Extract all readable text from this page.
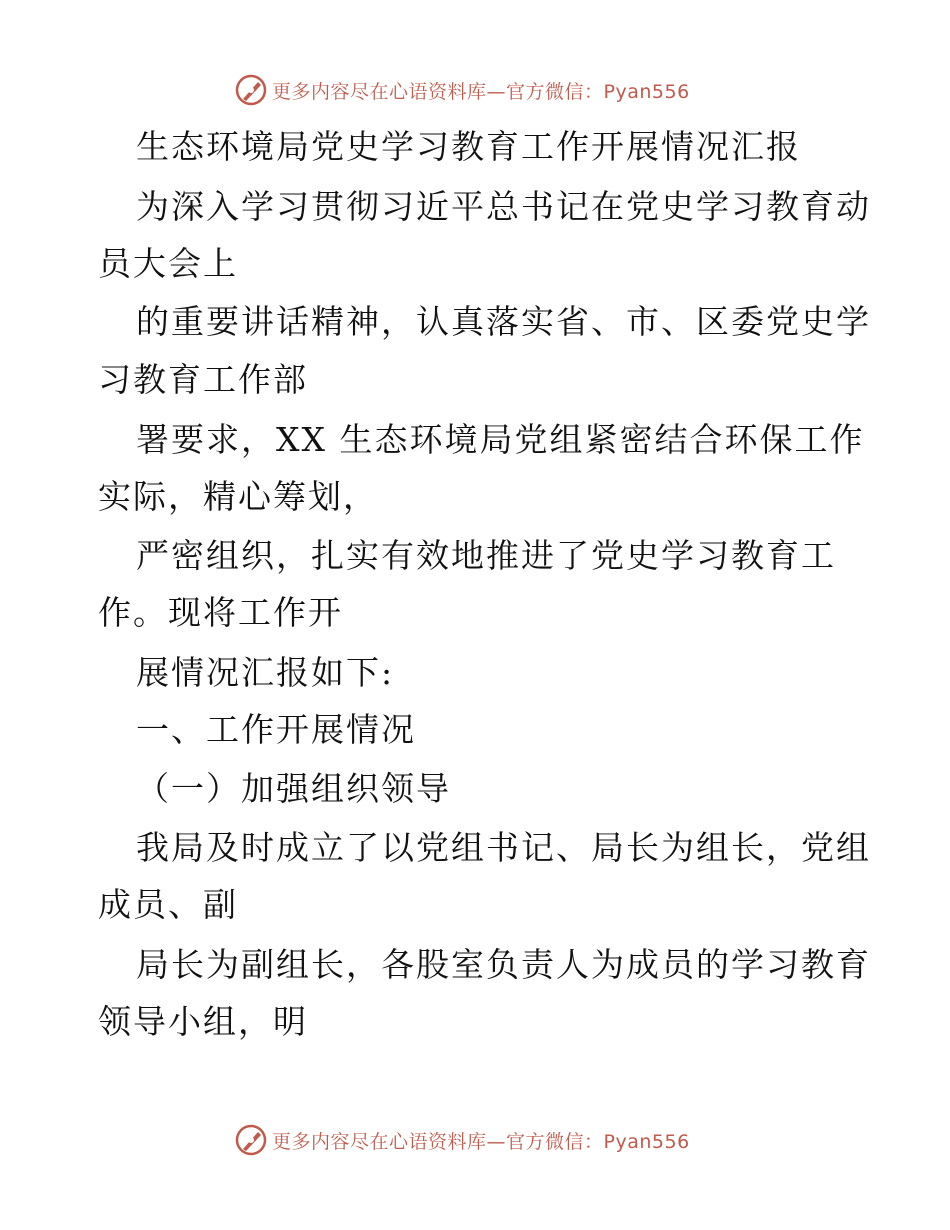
更多内容尽在心语资料库—官方微信：Pyan556

生态环境局党史学习教育工作开展情况汇报

为深入学习贯彻习近平总书记在党史学习教育动

员大会上

的重要讲话精神，认真落实省、市、区委党史学

习教育工作部

署要求，XX 生态环境局党组紧密结合环保工作

实际，精心筹划，

严密组织，扎实有效地推进了党史学习教育工

作。现将工作开

展情况汇报如下:

一、工作开展情况

（一）加强组织领导

我局及时成立了以党组书记、局长为组长，党组

成员、副

局长为副组长，各股室负责人为成员的学习教育

领导小组，明

更多内容尽在心语资料库—官方微信：Pyan556
